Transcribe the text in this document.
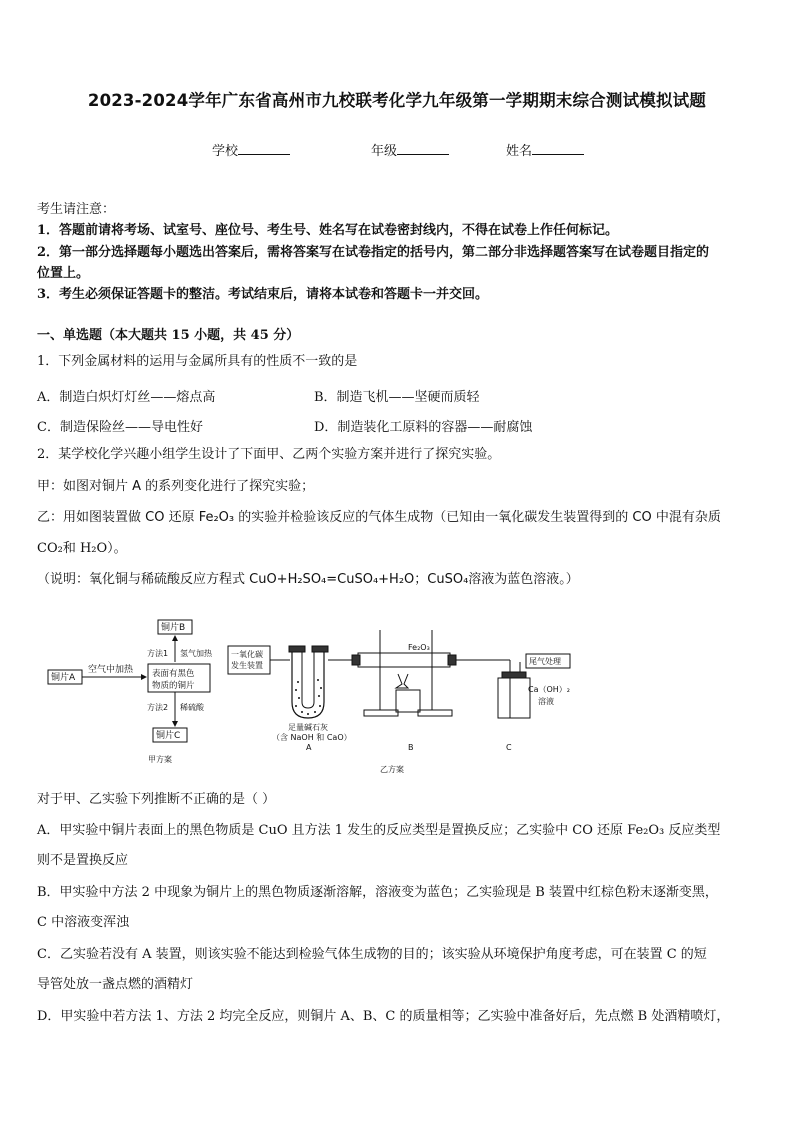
2023-2024学年广东省高州市九校联考化学九年级第一学期期末综合测试模拟试题
学校	年级	姓名
考生请注意：
1．答题前请将考场、试室号、座位号、考生号、姓名写在试卷密封线内，不得在试卷上作任何标记。
2．第一部分选择题每小题选出答案后，需将答案写在试卷指定的括号内，第二部分非选择题答案写在试卷题目指定的
位置上。
3．考生必须保证答题卡的整洁。考试结束后，请将本试卷和答题卡一并交回。
一、单选题（本大题共 15 小题，共 45 分）
1．下列金属材料的运用与金属所具有的性质不一致的是
A．制造白炽灯灯丝——熔点高	B．制造飞机——坚硬而质轻
C．制造保险丝——导电性好	D．制造装化工原料的容器——耐腐蚀
2．某学校化学兴趣小组学生设计了下面甲、乙两个实验方案并进行了探究实验。
甲：如图对铜片 A 的系列变化进行了探究实验；
乙：用如图装置做 CO 还原 Fe₂O₃ 的实验并检验该反应的气体生成物（已知由一氧化碳发生装置得到的 CO 中混有杂质
CO₂和 H₂O）。
（说明：氧化铜与稀硫酸反应方程式 CuO+H₂SO₄=CuSO₄+H₂O；CuSO₄溶液为蓝色溶液。）
铜片A
空气中加热 表面有黑色
物质的铜片
铜片B
方法1 氢气加热
方法2 稀硫酸
铜片C
甲方案
一氧化碳
发生装置
足量碱石灰
（含 NaOH 和 CaO）
Fe₂O₃
尾气处理
Ca（OH）₂
溶液
A	B	C
乙方案
对于甲、乙实验下列推断不正确的是（ ）
A．甲实验中铜片表面上的黑色物质是 CuO 且方法 1 发生的反应类型是置换反应；乙实验中 CO 还原 Fe₂O₃ 反应类型
则不是置换反应
B．甲实验中方法 2 中现象为铜片上的黑色物质逐渐溶解，溶液变为蓝色；乙实验现是 B 装置中红棕色粉末逐渐变黑，
C 中溶液变浑浊
C．乙实验若没有 A 装置，则该实验不能达到检验气体生成物的目的；该实验从环境保护角度考虑，可在装置 C 的短
导管处放一盏点燃的酒精灯
D．甲实验中若方法 1、方法 2 均完全反应，则铜片 A、B、C 的质量相等；乙实验中准备好后，先点燃 B 处酒精喷灯，
